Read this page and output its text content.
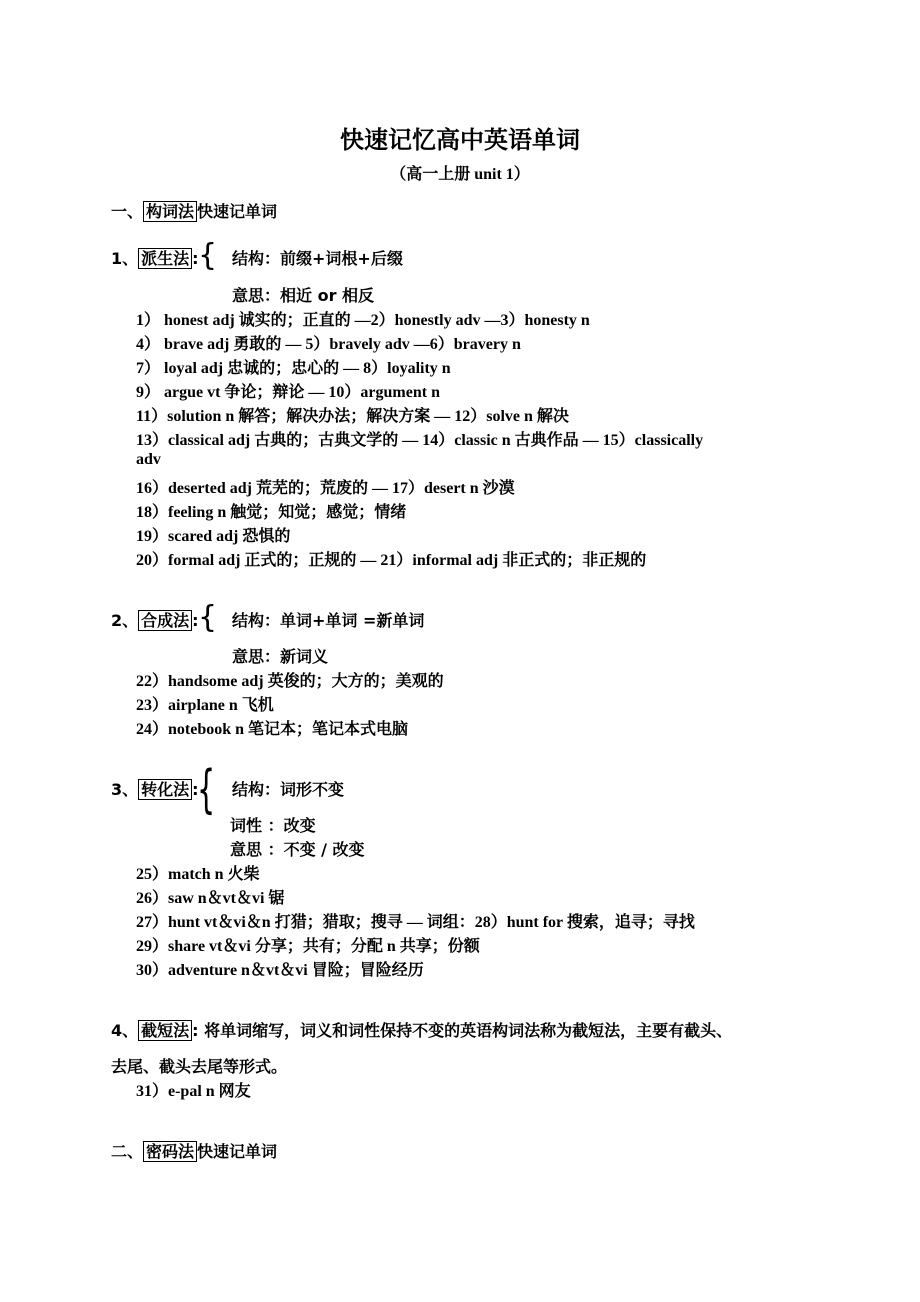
快速记忆高中英语单词
（高一上册 unit 1）
一、 构词法 快速记单词
1、 派生法 : { 结构：前缀+词根+后缀
意思：相近 or 相反
1） honest adj 诚实的；正直的 —2）honestly adv —3）honesty n
4） brave adj 勇敢的 — 5）bravely adv —6）bravery n
7） loyal adj 忠诚的；忠心的 — 8）loyality n
9） argue vt 争论；辩论 — 10）argument n
11）solution n 解答；解决办法；解决方案 — 12）solve n 解决
13）classical adj 古典的；古典文学的 — 14）classic n 古典作品 — 15）classically
adv
16）deserted adj 荒芜的；荒废的 — 17）desert n 沙漠
18）feeling n 触觉；知觉；感觉；情绪
19）scared adj 恐惧的
20）formal adj 正式的；正规的 — 21）informal adj 非正式的；非正规的
2、 合成法 : { 结构：单词+单词 =新单词
意思：新词义
22）handsome adj 英俊的；大方的；美观的
23）airplane n 飞机
24）notebook n 笔记本；笔记本式电脑
3、 转化法 :
{ 结构：词形不变
词性 ：改变
意思 ：不变 / 改变
25）match n 火柴
26）saw n＆vt＆vi 锯
27）hunt vt＆vi＆n 打猎；猎取；搜寻 — 词组：28）hunt for 搜索，追寻；寻找
29）share vt＆vi 分享；共有；分配 n 共享；份额
30）adventure n＆vt＆vi 冒险；冒险经历
4、 截短法 : 将单词缩写，词义和词性保持不变的英语构词法称为截短法，主要有截头、
去尾、截头去尾等形式。
31）e-pal n 网友
二、 密码法 快速记单词
